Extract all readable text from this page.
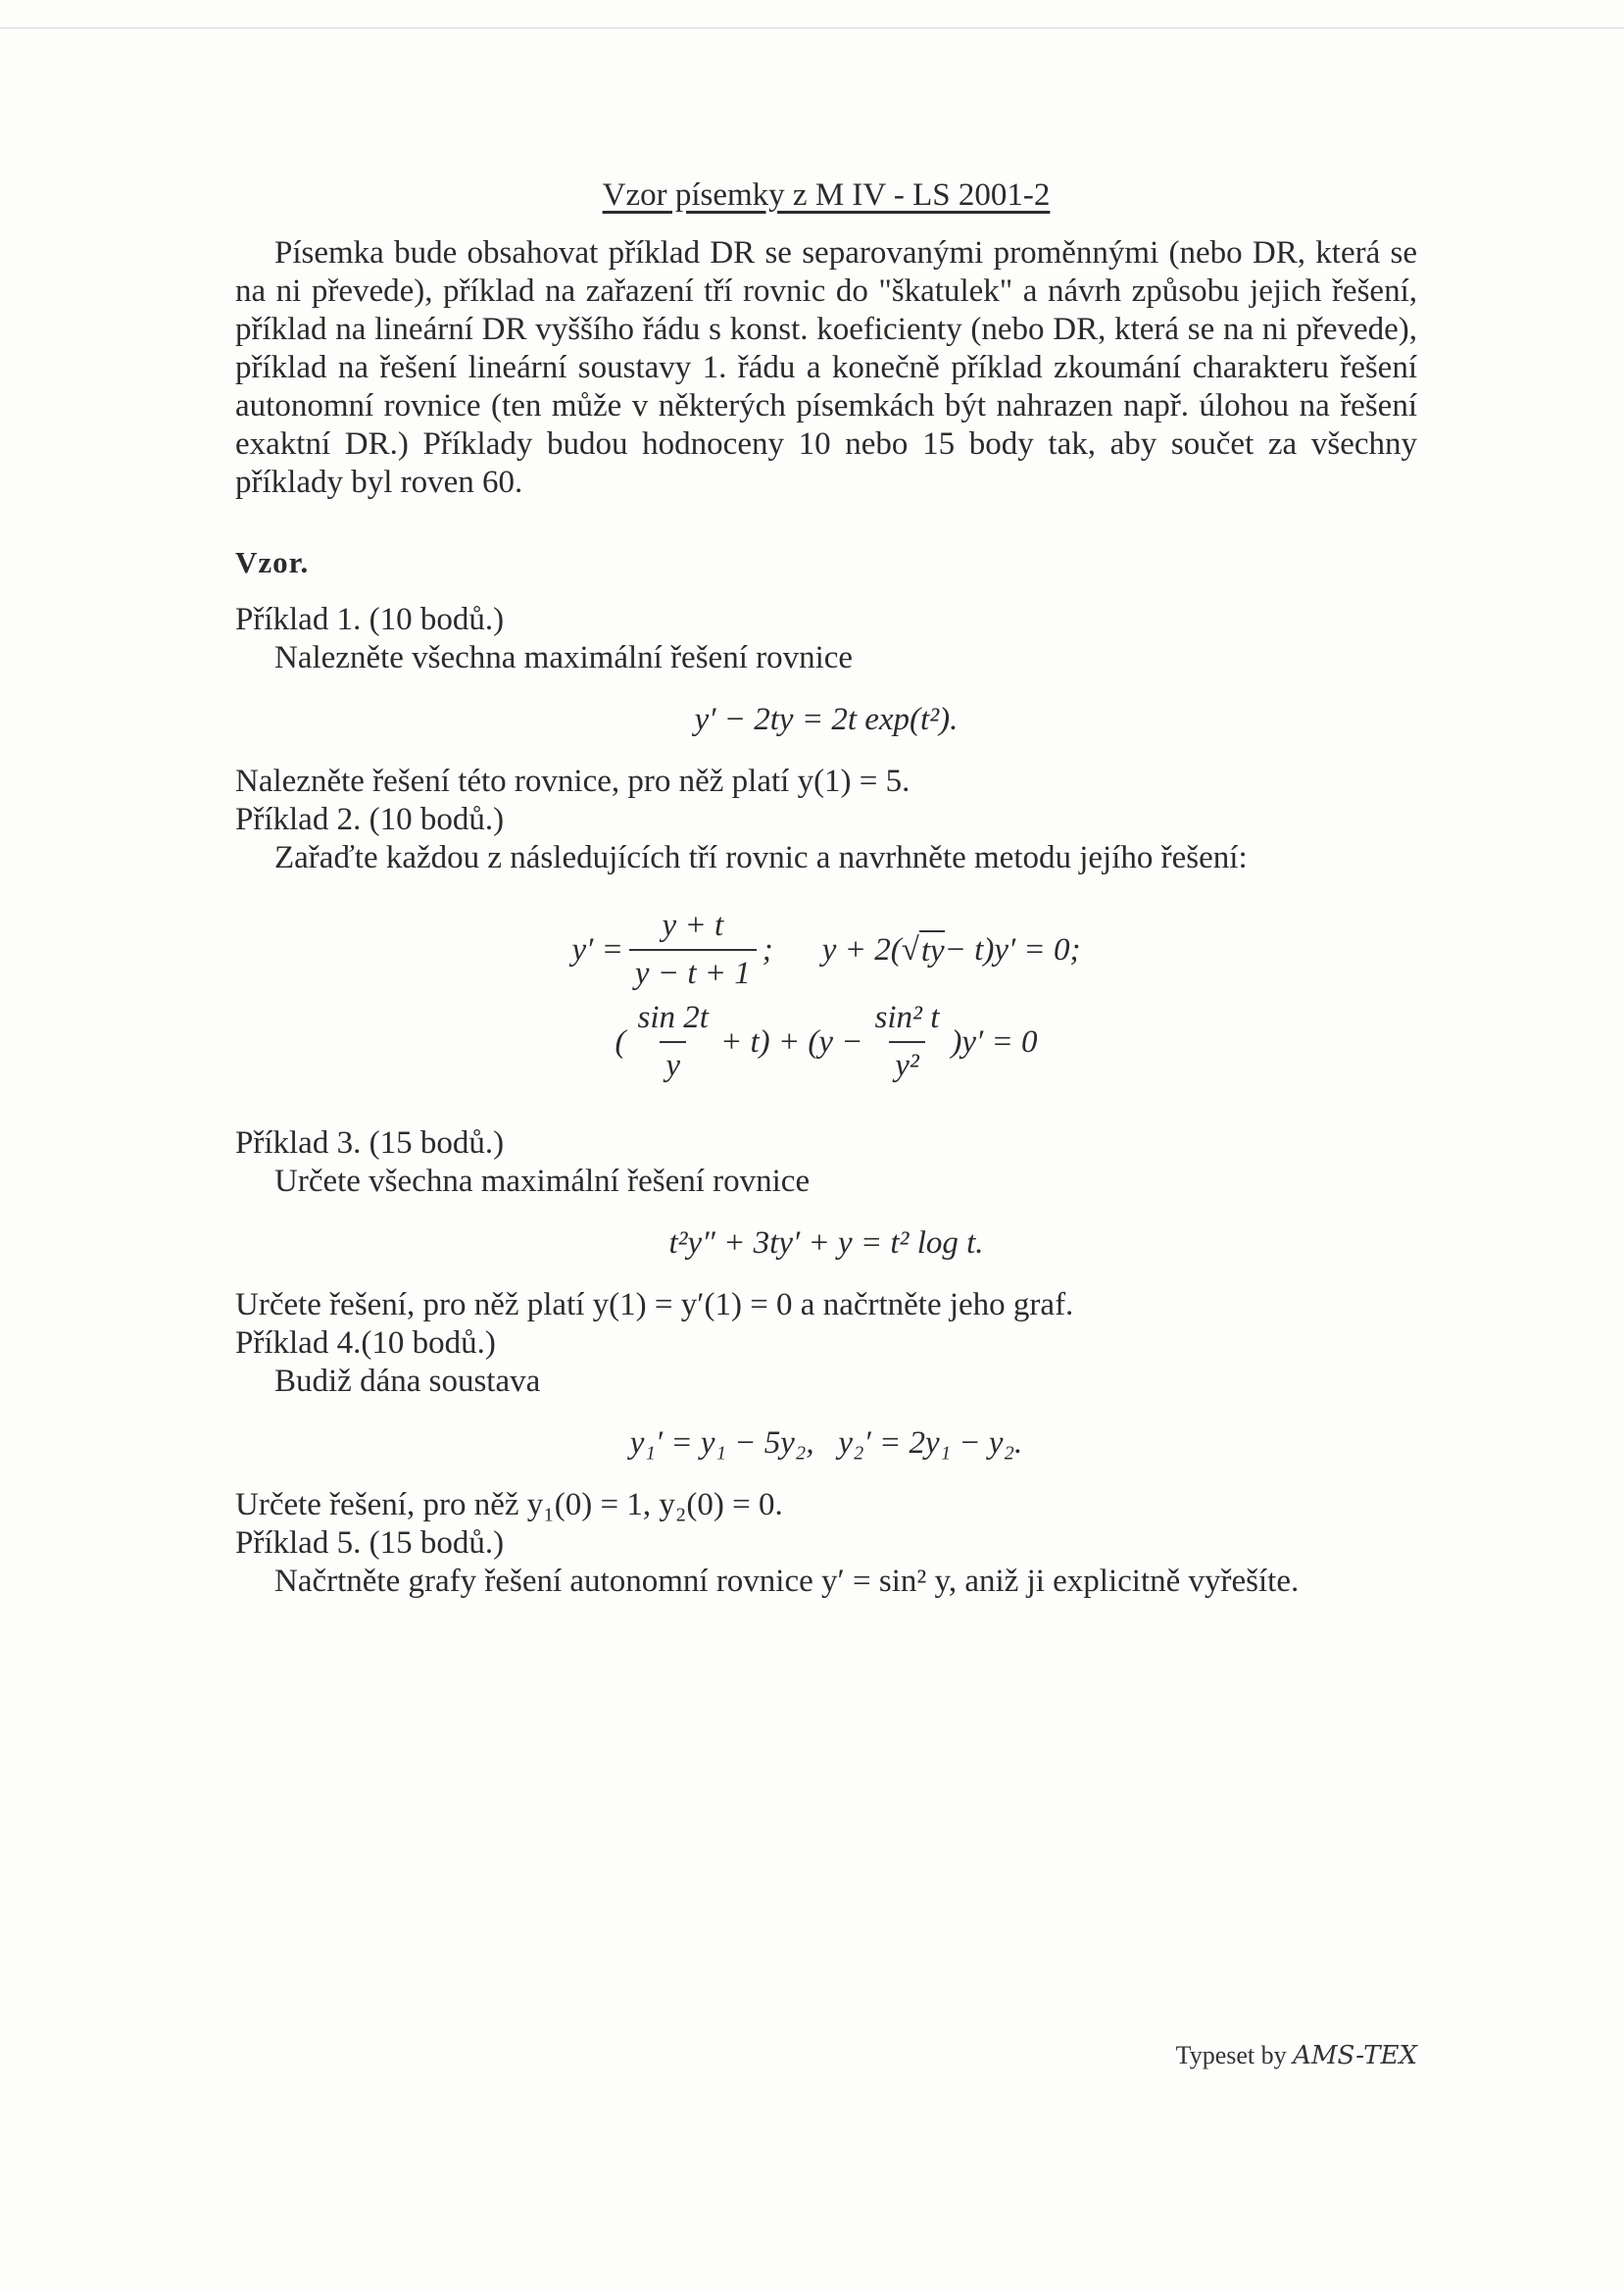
Vzor písemky z M IV - LS 2001-2

Písemka bude obsahovat příklad DR se separovanými proměnnými (nebo DR, která se na ni převede), příklad na zařazení tří rovnic do "škatulek" a návrh způsobu jejich řešení, příklad na lineární DR vyššího řádu s konst. koeficienty (nebo DR, která se na ni převede), příklad na řešení lineární soustavy 1. řádu a konečně příklad zkoumání charakteru řešení autonomní rovnice (ten může v některých písemkách být nahrazen např. úlohou na řešení exaktní DR.) Příklady budou hodnoceny 10 nebo 15 body tak, aby součet za všechny příklady byl roven 60.

Vzor.

Příklad 1. (10 bodů.)

Nalezněte všechna maximální řešení rovnice

y′ − 2ty = 2t exp(t²).

Nalezněte řešení této rovnice, pro něž platí y(1) = 5.

Příklad 2. (10 bodů.)

Zařaďte každou z následujících tří rovnic a navrhněte metodu jejího řešení:

$y' = \frac{y + t}{y - t + 1}$ ; y + 2( √ ty − t)y′ = 0;
( $\frac{\sin 2t}{y} + t) + (y - \frac{\text{sin² t}}{\text{y²}} )y' = 0$

Příklad 3. (15 bodů.)

Určete všechna maximální řešení rovnice

t²y″ + 3ty′ + y = t² log t.

Určete řešení, pro něž platí y(1) = y′(1) = 0 a načrtněte jeho graf.

Příklad 4.(10 bodů.)

Budiž dána soustava

y₁′ = y₁ − 5y₂,   y₂′ = 2y₁ − y₂.

Určete řešení, pro něž y₁(0) = 1, y₂(0) = 0.

Příklad 5. (15 bodů.)

Načrtněte grafy řešení autonomní rovnice y′ = sin² y, aniž ji explicitně vyřešíte.

Typeset by AMS-TEX
